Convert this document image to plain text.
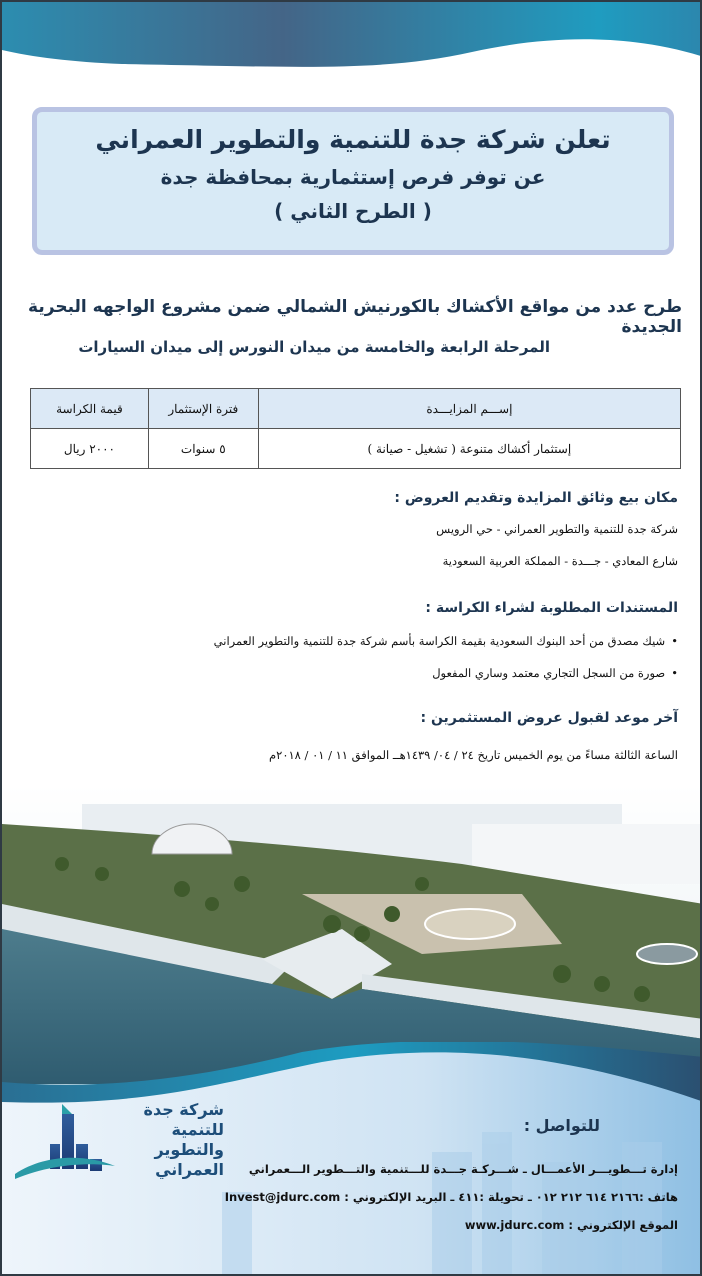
تعلن شركة جدة للتنمية والتطوير العمراني
عن توفر فرص إستثمارية بمحافظة جدة
( الطرح الثاني )
طرح عدد من مواقع الأكشاك بالكورنيش الشمالي ضمن مشروع الواجهه البحرية الجديدة
المرحلة الرابعة والخامسة من ميدان النورس إلى ميدان السيارات
إســـم المزايـــدة	فترة الإستثمار	قيمة الكراسة
إستثمار أكشاك متنوعة ( تشغيل - صيانة )	٥ سنوات	٢٠٠٠ ريال
مكان بيع وثائق المزايدة وتقديم العروض :
شركة جدة للتنمية والتطوير العمراني - حي الرويس
شارع المعادي - جـــدة - المملكة العربية السعودية
المستندات المطلوبة لشراء الكراسة :
• شيك مصدق من أحد البنوك السعودية بقيمة الكراسة بأسم شركة جدة للتنمية والتطوير العمراني
• صورة من السجل التجاري معتمد وساري المفعول
آخر موعد لقبول عروض المستثمرين :
الساعة الثالثة مساءً من يوم الخميس تاريخ ٢٤ / ٠٤/ ١٤٣٩هــ الموافق ١١ / ٠١ / ٢٠١٨م
شركة جدة للتنمية
والتطوير العمراني
للتواصل :
إدارة تـــطويـــر الأعمـــال ـ شـــركـة جـــدة للـــتنمية والتـــطوير الـــعمراني
هاتف :٢١٦٦ ٦١٤ ٢١٢ ٠١٢ ـ تحويلة :٤١١ ـ البريد الإلكتروني : Invest@jdurc.com
الموقع الإلكتروني : www.jdurc.com
